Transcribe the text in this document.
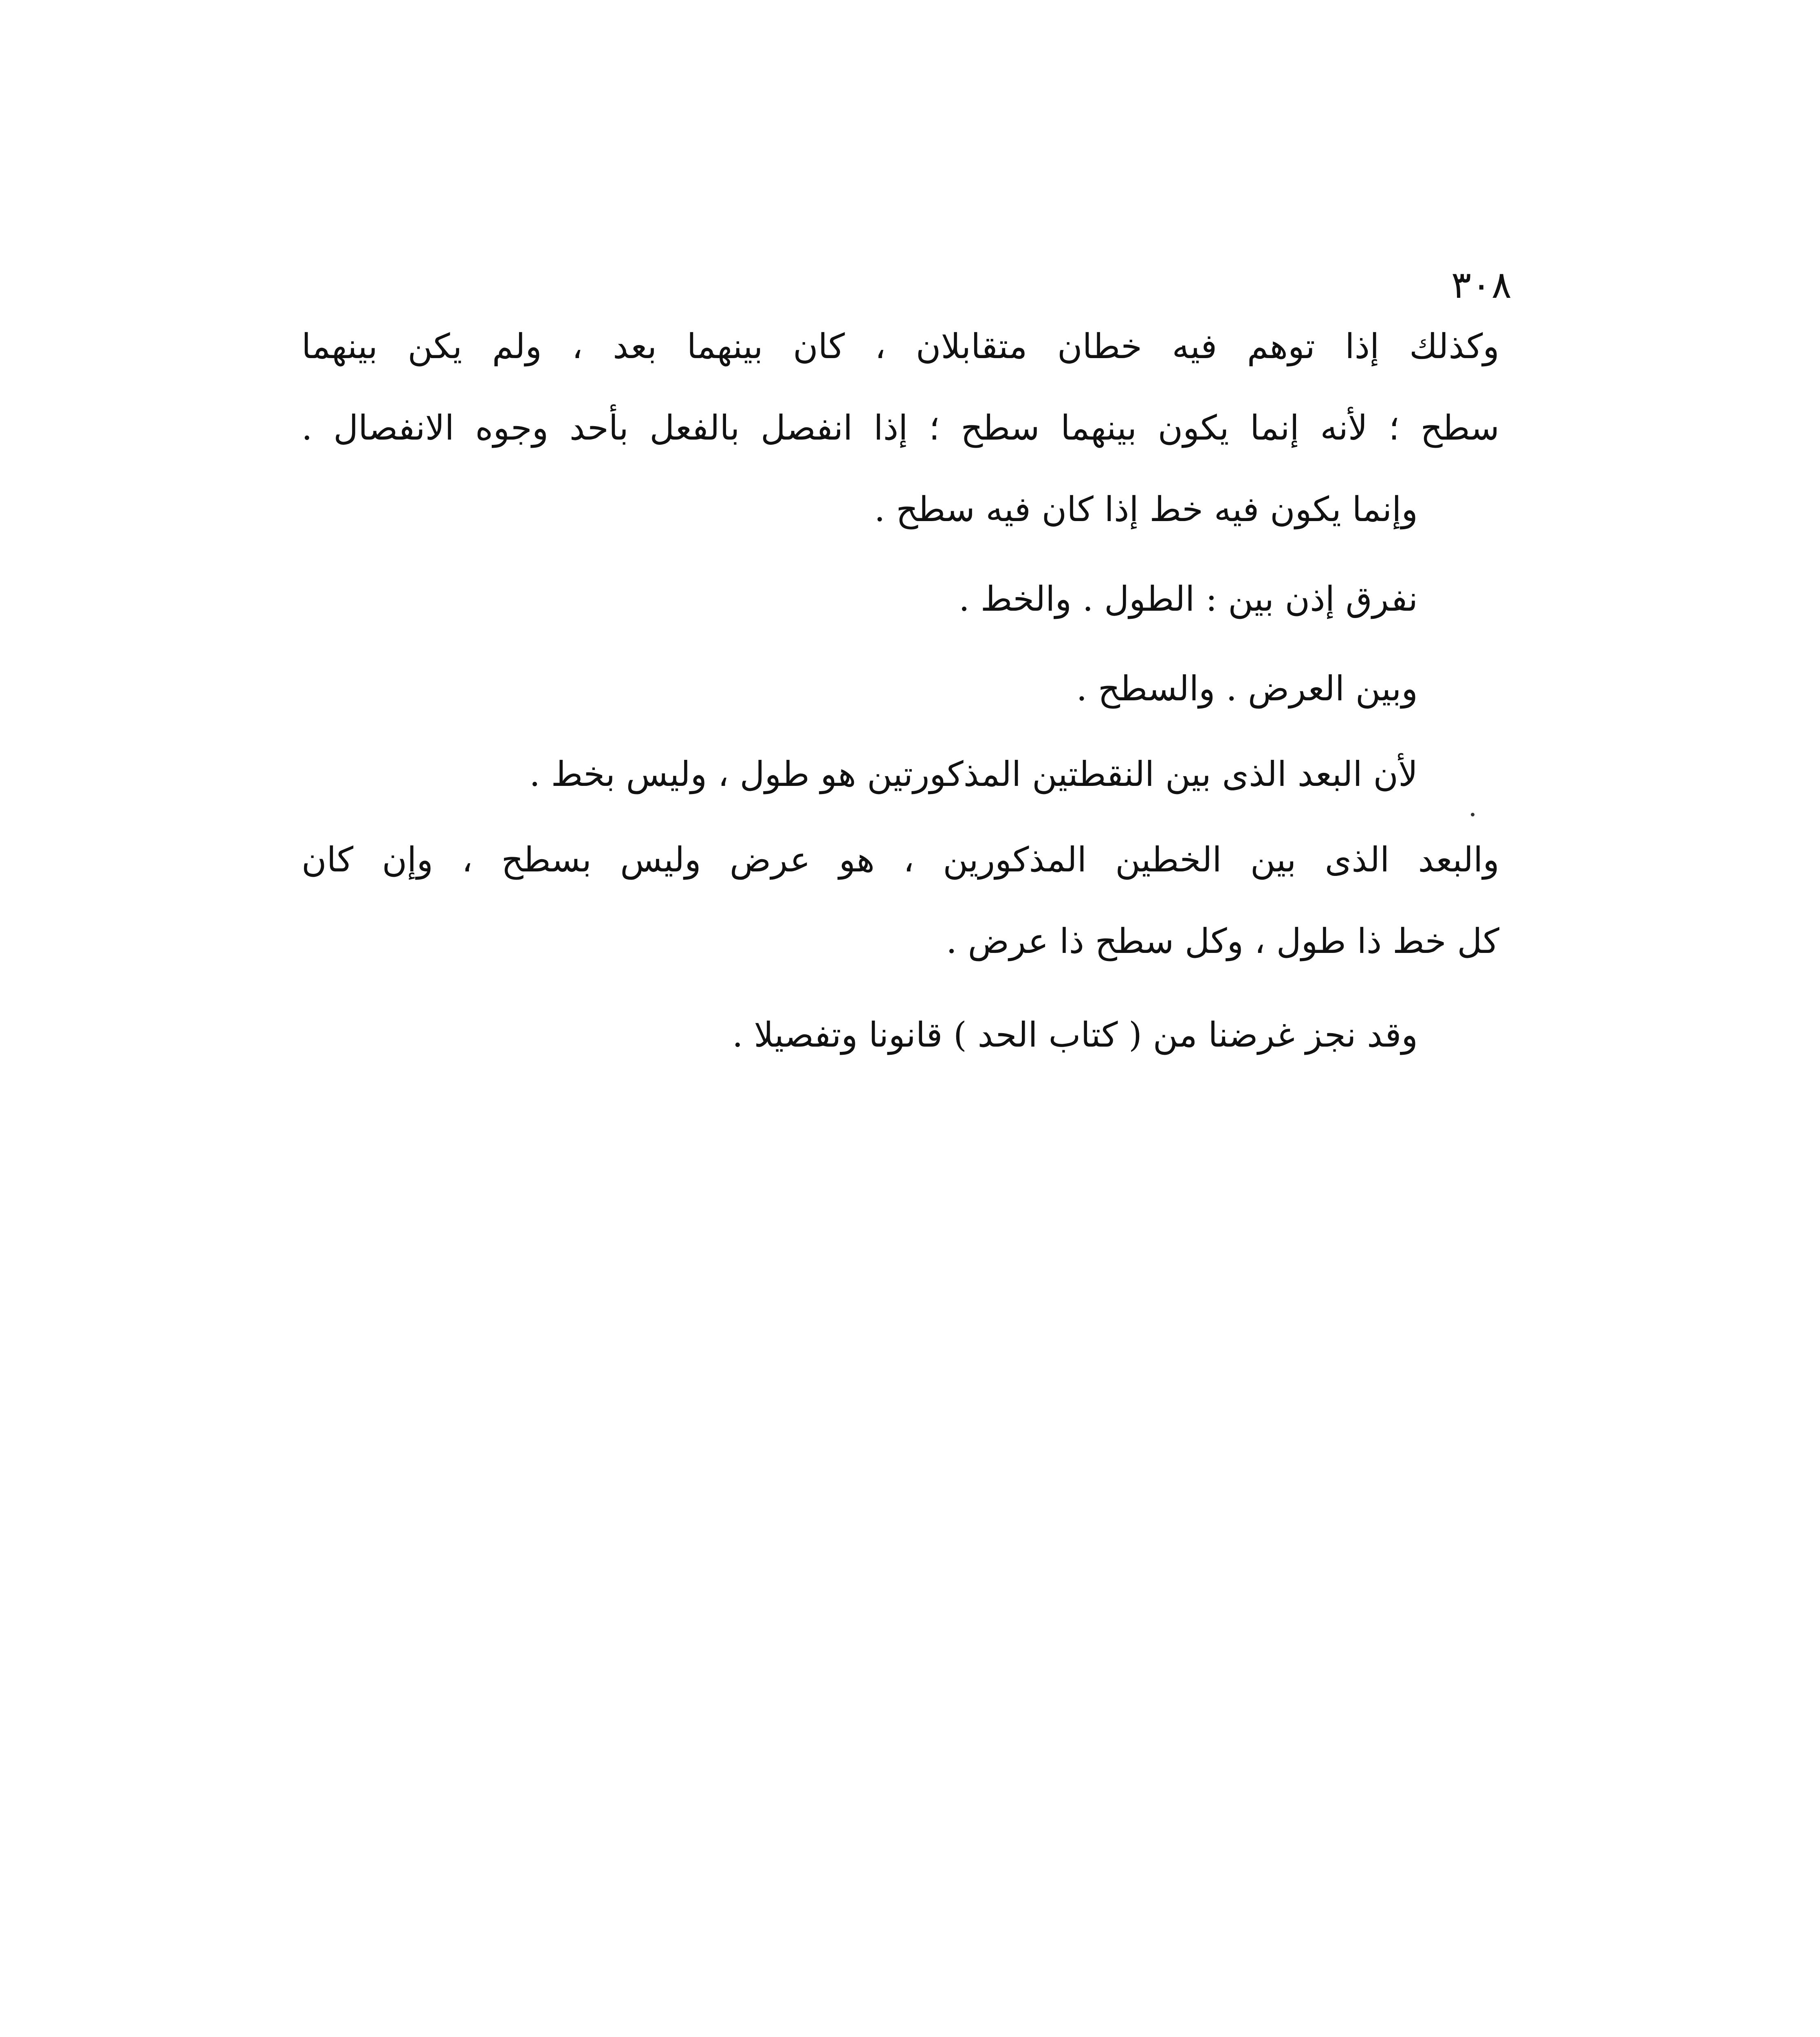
٣٠٨
وكذلك إذا توهم فيه خطان متقابلان ، كان بينهما بعد ، ولم يكن بينهما
سطح ؛ لأنه إنما يكون بينهما سطح ؛ إذا انفصل بالفعل بأحد وجوه الانفصال .
وإنما يكون فيه خط إذا كان فيه سطح .
نفرق إذن بين : الطول . والخط .
وبين العرض . والسطح .
لأن البعد الذى بين النقطتين المذكورتين هو طول ، وليس بخط .
والبعد الذى بين الخطين المذكورين ، هو عرض وليس بسطح ، وإن كان
كل خط ذا طول ، وكل سطح ذا عرض .
وقد نجز غرضنا من ( كتاب الحد ) قانونا وتفصيلا .
